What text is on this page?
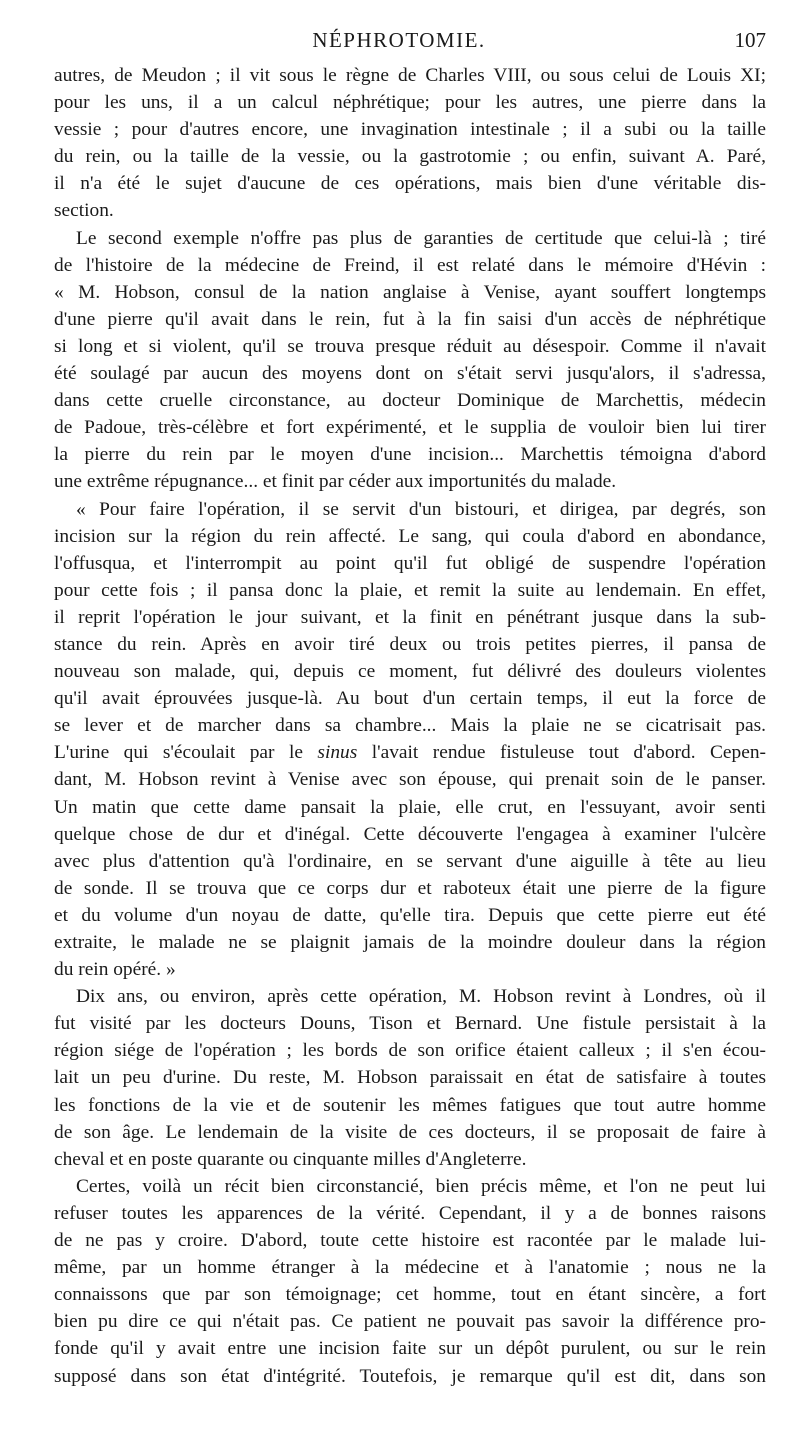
NÉPHROTOMIE.	107
autres, de Meudon ; il vit sous le règne de Charles VIII, ou sous celui de Louis XI;
pour les uns, il a un calcul néphrétique; pour les autres, une pierre dans la
vessie ; pour d'autres encore, une invagination intestinale ; il a subi ou la taille
du rein, ou la taille de la vessie, ou la gastrotomie ; ou enfin, suivant A. Paré,
il n'a été le sujet d'aucune de ces opérations, mais bien d'une véritable dis-
section.
Le second exemple n'offre pas plus de garanties de certitude que celui-là ; tiré
de l'histoire de la médecine de Freind, il est relaté dans le mémoire d'Hévin :
« M. Hobson, consul de la nation anglaise à Venise, ayant souffert longtemps
d'une pierre qu'il avait dans le rein, fut à la fin saisi d'un accès de néphrétique
si long et si violent, qu'il se trouva presque réduit au désespoir. Comme il n'avait
été soulagé par aucun des moyens dont on s'était servi jusqu'alors, il s'adressa,
dans cette cruelle circonstance, au docteur Dominique de Marchettis, médecin
de Padoue, très-célèbre et fort expérimenté, et le supplia de vouloir bien lui tirer
la pierre du rein par le moyen d'une incision... Marchettis témoigna d'abord
une extrême répugnance... et finit par céder aux importunités du malade.
« Pour faire l'opération, il se servit d'un bistouri, et dirigea, par degrés, son
incision sur la région du rein affecté. Le sang, qui coula d'abord en abondance,
l'offusqua, et l'interrompit au point qu'il fut obligé de suspendre l'opération
pour cette fois ; il pansa donc la plaie, et remit la suite au lendemain. En effet,
il reprit l'opération le jour suivant, et la finit en pénétrant jusque dans la sub-
stance du rein. Après en avoir tiré deux ou trois petites pierres, il pansa de
nouveau son malade, qui, depuis ce moment, fut délivré des douleurs violentes
qu'il avait éprouvées jusque-là. Au bout d'un certain temps, il eut la force de
se lever et de marcher dans sa chambre... Mais la plaie ne se cicatrisait pas.
L'urine qui s'écoulait par le sinus l'avait rendue fistuleuse tout d'abord. Cepen-
dant, M. Hobson revint à Venise avec son épouse, qui prenait soin de le panser.
Un matin que cette dame pansait la plaie, elle crut, en l'essuyant, avoir senti
quelque chose de dur et d'inégal. Cette découverte l'engagea à examiner l'ulcère
avec plus d'attention qu'à l'ordinaire, en se servant d'une aiguille à tête au lieu
de sonde. Il se trouva que ce corps dur et raboteux était une pierre de la figure
et du volume d'un noyau de datte, qu'elle tira. Depuis que cette pierre eut été
extraite, le malade ne se plaignit jamais de la moindre douleur dans la région
du rein opéré. »
Dix ans, ou environ, après cette opération, M. Hobson revint à Londres, où il
fut visité par les docteurs Douns, Tison et Bernard. Une fistule persistait à la
région siége de l'opération ; les bords de son orifice étaient calleux ; il s'en écou-
lait un peu d'urine. Du reste, M. Hobson paraissait en état de satisfaire à toutes
les fonctions de la vie et de soutenir les mêmes fatigues que tout autre homme
de son âge. Le lendemain de la visite de ces docteurs, il se proposait de faire à
cheval et en poste quarante ou cinquante milles d'Angleterre.
Certes, voilà un récit bien circonstancié, bien précis même, et l'on ne peut lui
refuser toutes les apparences de la vérité. Cependant, il y a de bonnes raisons
de ne pas y croire. D'abord, toute cette histoire est racontée par le malade lui-
même, par un homme étranger à la médecine et à l'anatomie ; nous ne la
connaissons que par son témoignage; cet homme, tout en étant sincère, a fort
bien pu dire ce qui n'était pas. Ce patient ne pouvait pas savoir la différence pro-
fonde qu'il y avait entre une incision faite sur un dépôt purulent, ou sur le rein
supposé dans son état d'intégrité. Toutefois, je remarque qu'il est dit, dans son
